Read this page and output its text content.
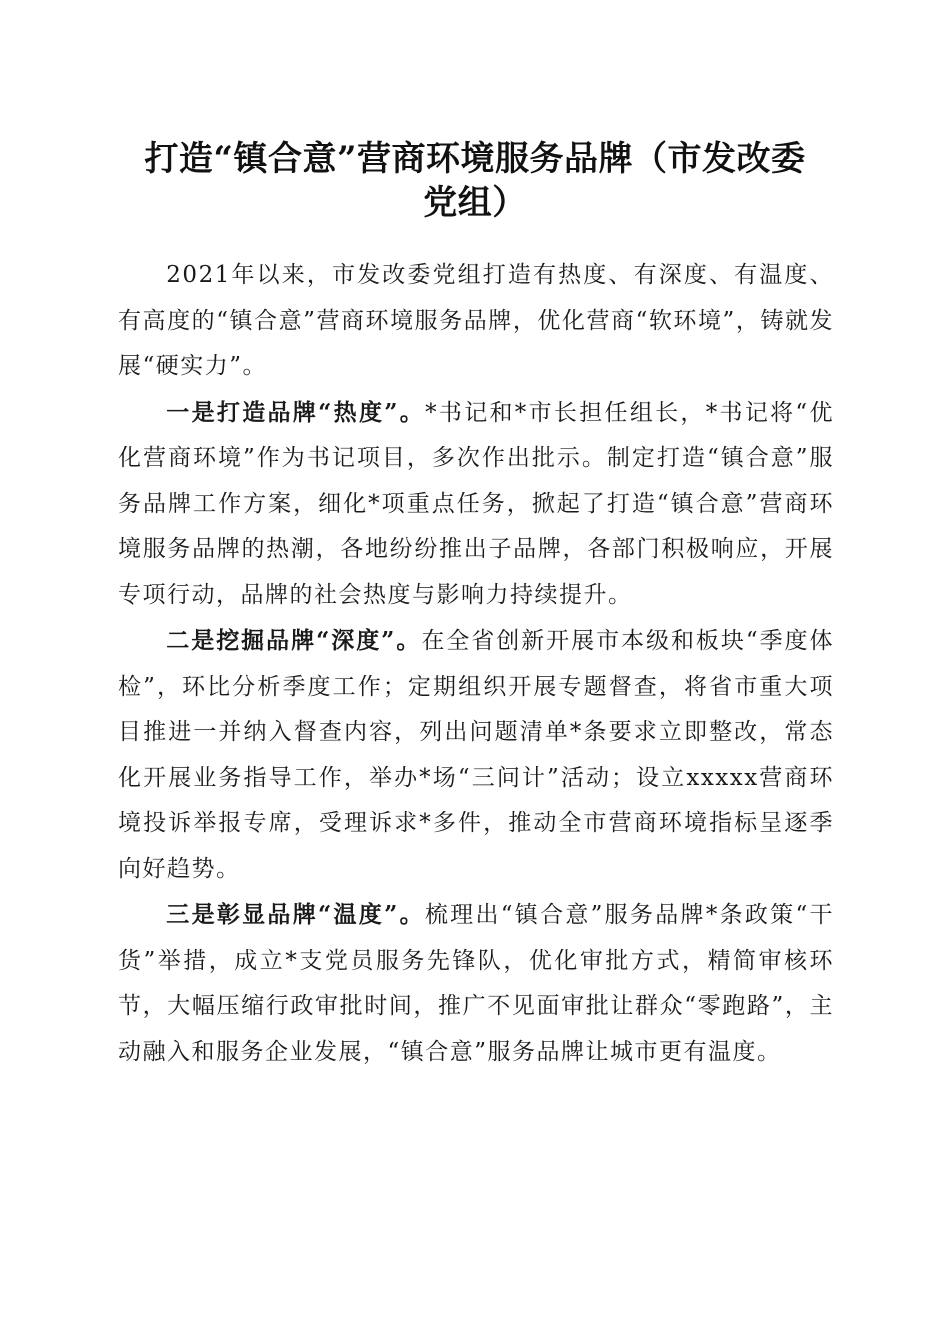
打造“镇合意”营商环境服务品牌（市发改委
党组）

2021年以来，市发改委党组打造有热度、有深度、有温度、有高度的“镇合意”营商环境服务品牌，优化营商“软环境”，铸就发展“硬实力”。

一是打造品牌“热度”。*书记和*市长担任组长，*书记将“优化营商环境”作为书记项目，多次作出批示。制定打造“镇合意”服务品牌工作方案，细化*项重点任务，掀起了打造“镇合意”营商环境服务品牌的热潮，各地纷纷推出子品牌，各部门积极响应，开展专项行动，品牌的社会热度与影响力持续提升。

二是挖掘品牌“深度”。在全省创新开展市本级和板块“季度体检”，环比分析季度工作；定期组织开展专题督查，将省市重大项目推进一并纳入督查内容，列出问题清单*条要求立即整改，常态化开展业务指导工作，举办*场“三问计”活动；设立xxxxx营商环境投诉举报专席，受理诉求*多件，推动全市营商环境指标呈逐季向好趋势。

三是彰显品牌“温度”。梳理出“镇合意”服务品牌*条政策“干货”举措，成立*支党员服务先锋队，优化审批方式，精简审核环节，大幅压缩行政审批时间，推广不见面审批让群众“零跑路”，主动融入和服务企业发展，“镇合意”服务品牌让城市更有温度。
